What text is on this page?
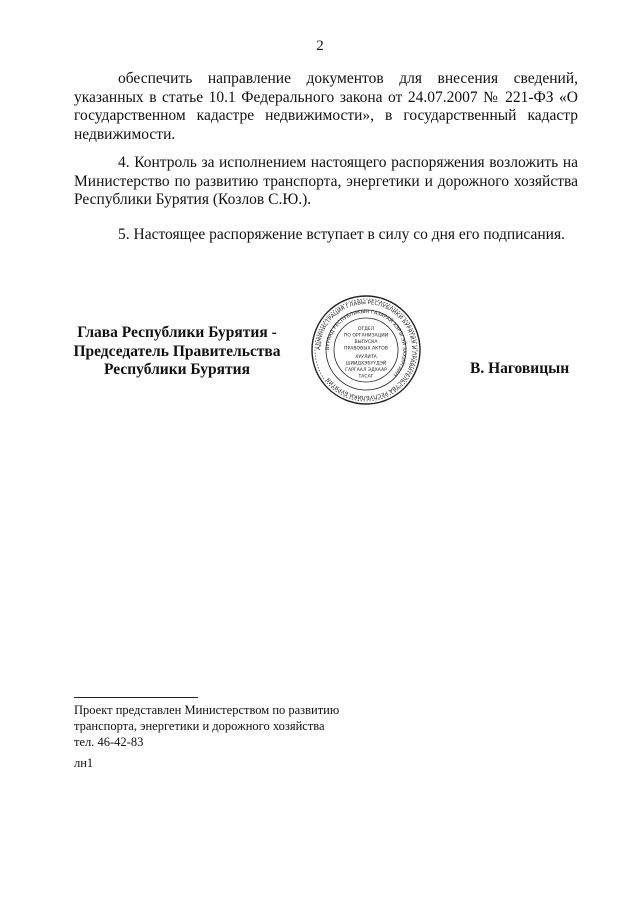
2

обеспечить направление документов для внесения сведений, указанных в статье 10.1 Федерального закона от 24.07.2007 № 221-ФЗ «О государственном кадастре недвижимости», в государственный кадастр недвижимости.

4. Контроль за исполнением настоящего распоряжения возложить на Министерство по развитию транспорта, энергетики и дорожного хозяйства Республики Бурятия (Козлов С.Ю.).

5. Настоящее распоряжение вступает в силу со дня его подписания.

Глава Республики Бурятия -
Председатель Правительства
Республики Бурятия
АДМИНИСТРАЦИЯ ГЛАВЫ РЕСПУБЛИКИ БУРЯТИЯ И ПРАВИТЕЛЬСТВА РЕСПУБЛИКИ БУРЯТИЯ
БУРЯАД РЕСПУБЛИКЫН ГАЗАРАЙ ХЭРЭГЭЙ ЗАХИРГААН
ОТДЕЛ
ПО ОРГАНИЗАЦИИ
ВЫПУСКА
ПРАВОВЫХ АКТОВ
ХУУЛИТА
ШИИДХЭБҮҮДЭЙ
ГАРГААЛ ЭДХААР
ТАСАГ	В. Наговицын
Проект представлен Министерством по развитию
транспорта, энергетики и дорожного хозяйства
тел. 46-42-83
лн1
